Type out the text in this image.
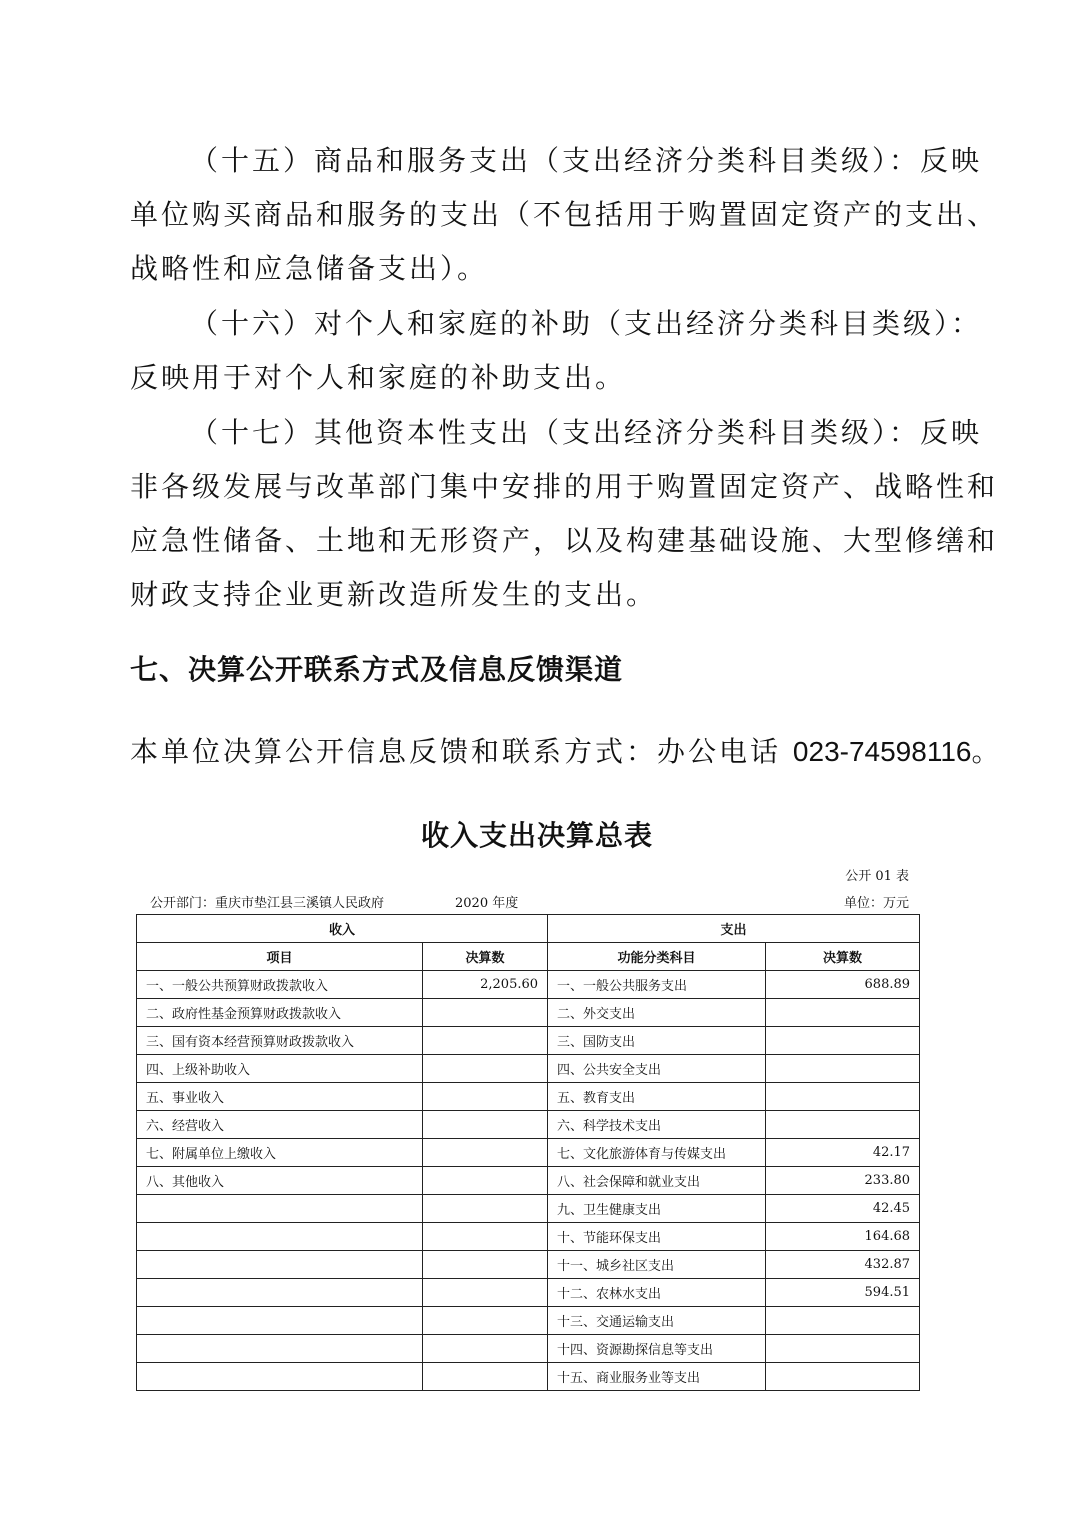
（十五）商品和服务支出（支出经济分类科目类级）：反映
单位购买商品和服务的支出（不包括用于购置固定资产的支出、
战略性和应急储备支出）。

（十六）对个人和家庭的补助（支出经济分类科目类级）：
反映用于对个人和家庭的补助支出。

（十七）其他资本性支出（支出经济分类科目类级）：反映
非各级发展与改革部门集中安排的用于购置固定资产、战略性和
应急性储备、土地和无形资产，以及构建基础设施、大型修缮和
财政支持企业更新改造所发生的支出。

七、决算公开联系方式及信息反馈渠道

本单位决算公开信息反馈和联系方式：办公电话 023-74598116。

收入支出决算总表
公开 01 表
公开部门：重庆市垫江县三溪镇人民政府	2020 年度	单位：万元
收入		支出	
项目	决算数	功能分类科目	决算数
一、一般公共预算财政拨款收入	2,205.60	一、一般公共服务支出	688.89
二、政府性基金预算财政拨款收入		二、外交支出	
三、国有资本经营预算财政拨款收入		三、国防支出	
四、上级补助收入		四、公共安全支出	
五、事业收入		五、教育支出	
六、经营收入		六、科学技术支出	
七、附属单位上缴收入		七、文化旅游体育与传媒支出	42.17
八、其他收入		八、社会保障和就业支出	233.80
		九、卫生健康支出	42.45
		十、节能环保支出	164.68
		十一、城乡社区支出	432.87
		十二、农林水支出	594.51
		十三、交通运输支出	
		十四、资源勘探信息等支出	
		十五、商业服务业等支出	
